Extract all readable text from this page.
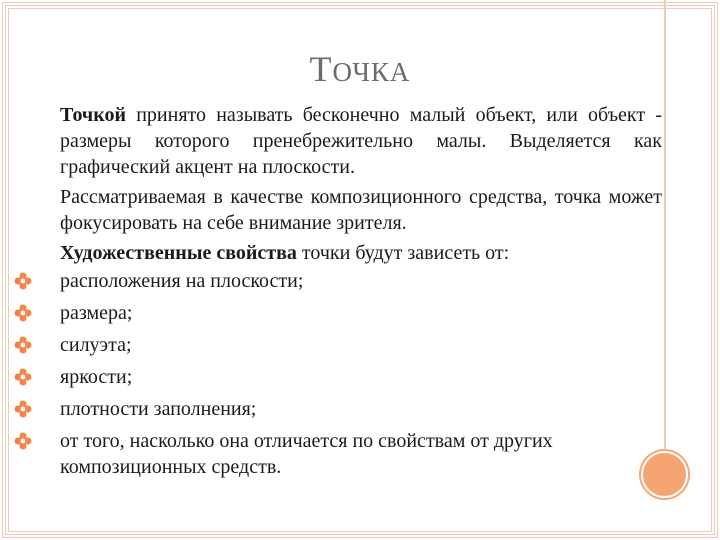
ТОЧКА

Точкой принято называть бесконечно малый объект, или объект - размеры которого пренебрежительно малы. Выделяется как графический акцент на плоскости.

Рассматриваемая в качестве композиционного средства, точка может фокусировать на себе внимание зрителя.

Художественные свойства точки будут зависеть от:

расположения на плоскости;
размера;
силуэта;
яркости;
плотности заполнения;
от того, насколько она отличается по свойствам от других композиционных средств.
